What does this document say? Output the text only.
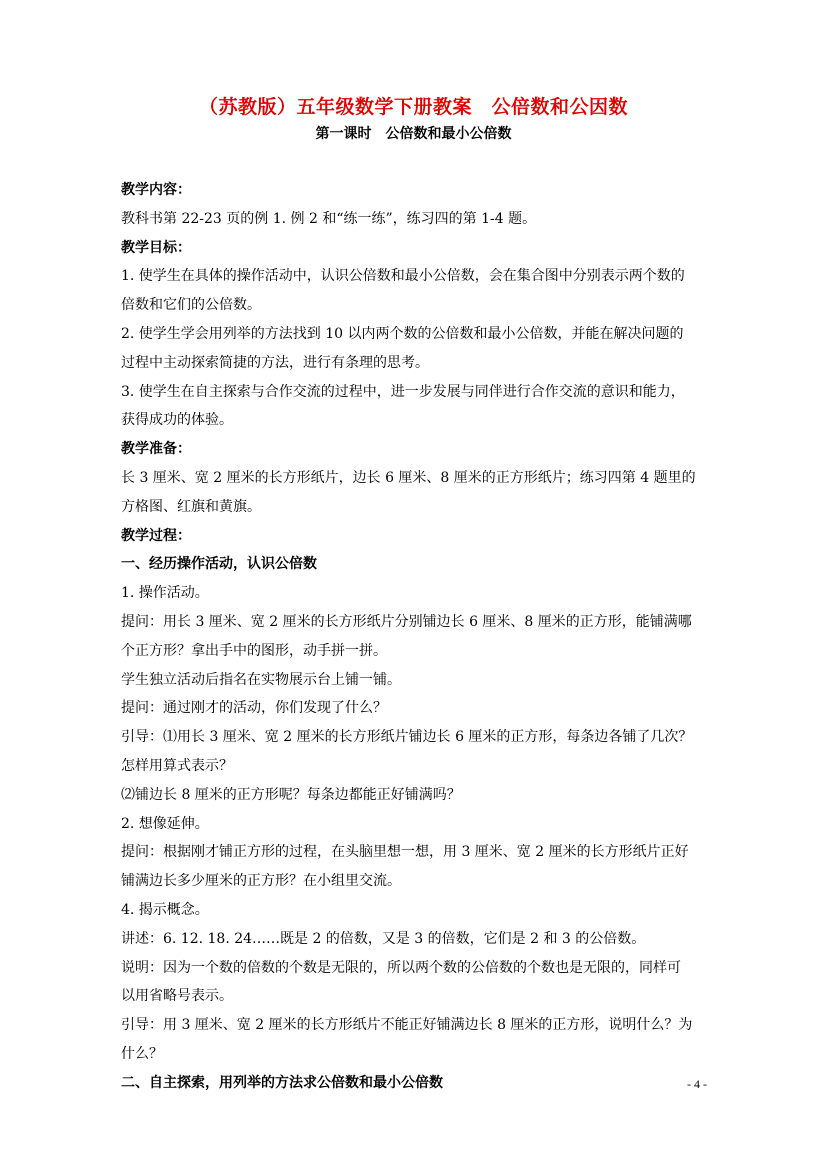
（苏教版）五年级数学下册教案　公倍数和公因数
第一课时　公倍数和最小公倍数
教学内容：
教科书第 22-23 页的例 1. 例 2 和“练一练”，练习四的第 1-4 题。
教学目标：
1. 使学生在具体的操作活动中，认识公倍数和最小公倍数，会在集合图中分别表示两个数的
倍数和它们的公倍数。
2. 使学生学会用列举的方法找到 10 以内两个数的公倍数和最小公倍数，并能在解决问题的
过程中主动探索简捷的方法，进行有条理的思考。
3. 使学生在自主探索与合作交流的过程中，进一步发展与同伴进行合作交流的意识和能力，
获得成功的体验。
教学准备：
长 3 厘米、宽 2 厘米的长方形纸片，边长 6 厘米、8 厘米的正方形纸片；练习四第 4 题里的
方格图、红旗和黄旗。
教学过程：
一、经历操作活动，认识公倍数
1. 操作活动。
提问：用长 3 厘米、宽 2 厘米的长方形纸片分别铺边长 6 厘米、8 厘米的正方形，能铺满哪
个正方形？拿出手中的图形，动手拼一拼。
学生独立活动后指名在实物展示台上铺一铺。
提问：通过刚才的活动，你们发现了什么？
引导：⑴用长 3 厘米、宽 2 厘米的长方形纸片铺边长 6 厘米的正方形，每条边各铺了几次？
怎样用算式表示？
⑵铺边长 8 厘米的正方形呢？每条边都能正好铺满吗？
2. 想像延伸。
提问：根据刚才铺正方形的过程，在头脑里想一想，用 3 厘米、宽 2 厘米的长方形纸片正好
铺满边长多少厘米的正方形？在小组里交流。
4. 揭示概念。
讲述：6. 12. 18. 24……既是 2 的倍数，又是 3 的倍数，它们是 2 和 3 的公倍数。
说明：因为一个数的倍数的个数是无限的，所以两个数的公倍数的个数也是无限的，同样可
以用省略号表示。
引导：用 3 厘米、宽 2 厘米的长方形纸片不能正好铺满边长 8 厘米的正方形，说明什么？为
什么？
二、自主探索，用列举的方法求公倍数和最小公倍数	- 4 -
